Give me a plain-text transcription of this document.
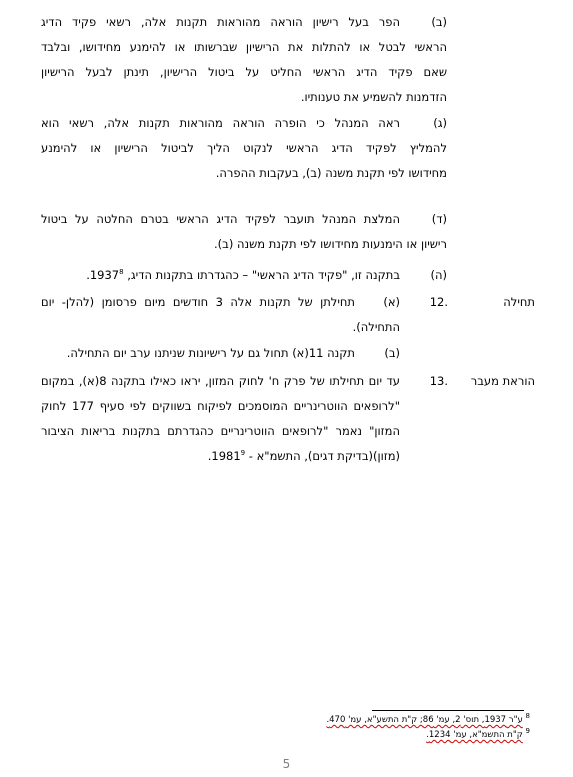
(ב)
הפר בעל רישיון הוראה מהוראות תקנות אלה, רשאי פקיד הדיג
הראשי לבטל או להתלות את הרישיון שברשותו או להימנע מחידושו, ובלבד
שאם פקיד הדיג הראשי החליט על ביטול הרישיון, תינתן לבעל הרישיון
הזדמנות להשמיע את טענותיו.
(ג)
ראה המנהל כי הופרה הוראה מהוראות תקנות אלה, רשאי הוא
להמליץ לפקיד הדיג הראשי לנקוט הליך לביטול הרישיון או להימנע
מחידושו לפי תקנת משנה (ב), בעקבות ההפרה.
(ד)
המלצת המנהל תועבר לפקיד הדיג הראשי בטרם החלטה על ביטול
רישיון או הימנעות מחידושו לפי תקנת משנה (ב).
(ה)
בתקנה זו, "פקיד הדיג הראשי" – כהגדרתו בתקנות הדיג, 1937$^8$.
תחילה
.12
(א)
תחילתן של תקנות אלה 3 חודשים מיום פרסומן (להלן- יום
התחילה).
(ב)
תקנה 11(א) תחול גם על רישיונות שניתנו ערב יום התחילה.
הוראת מעבר
.13
עד יום תחילתו של פרק ח' לחוק המזון, יראו כאילו בתקנה 8(א), במקום
"לרופאים הווטרינריים המוסמכים לפיקוח בשווקים לפי סעיף 177 לחוק
המזון" נאמר "לרופאים הווטרינריים כהגדרתם בתקנות בריאות הציבור
(מזון)(בדיקת דגים), התשמ"א - 1981$^9$.
$^8$ ע"ר 1937, תוס' 2, עמ' 86; ק"ת התשע"א, עמ' 470.
$^9$ ק"ת התשמ"א, עמ' 1234.
5
